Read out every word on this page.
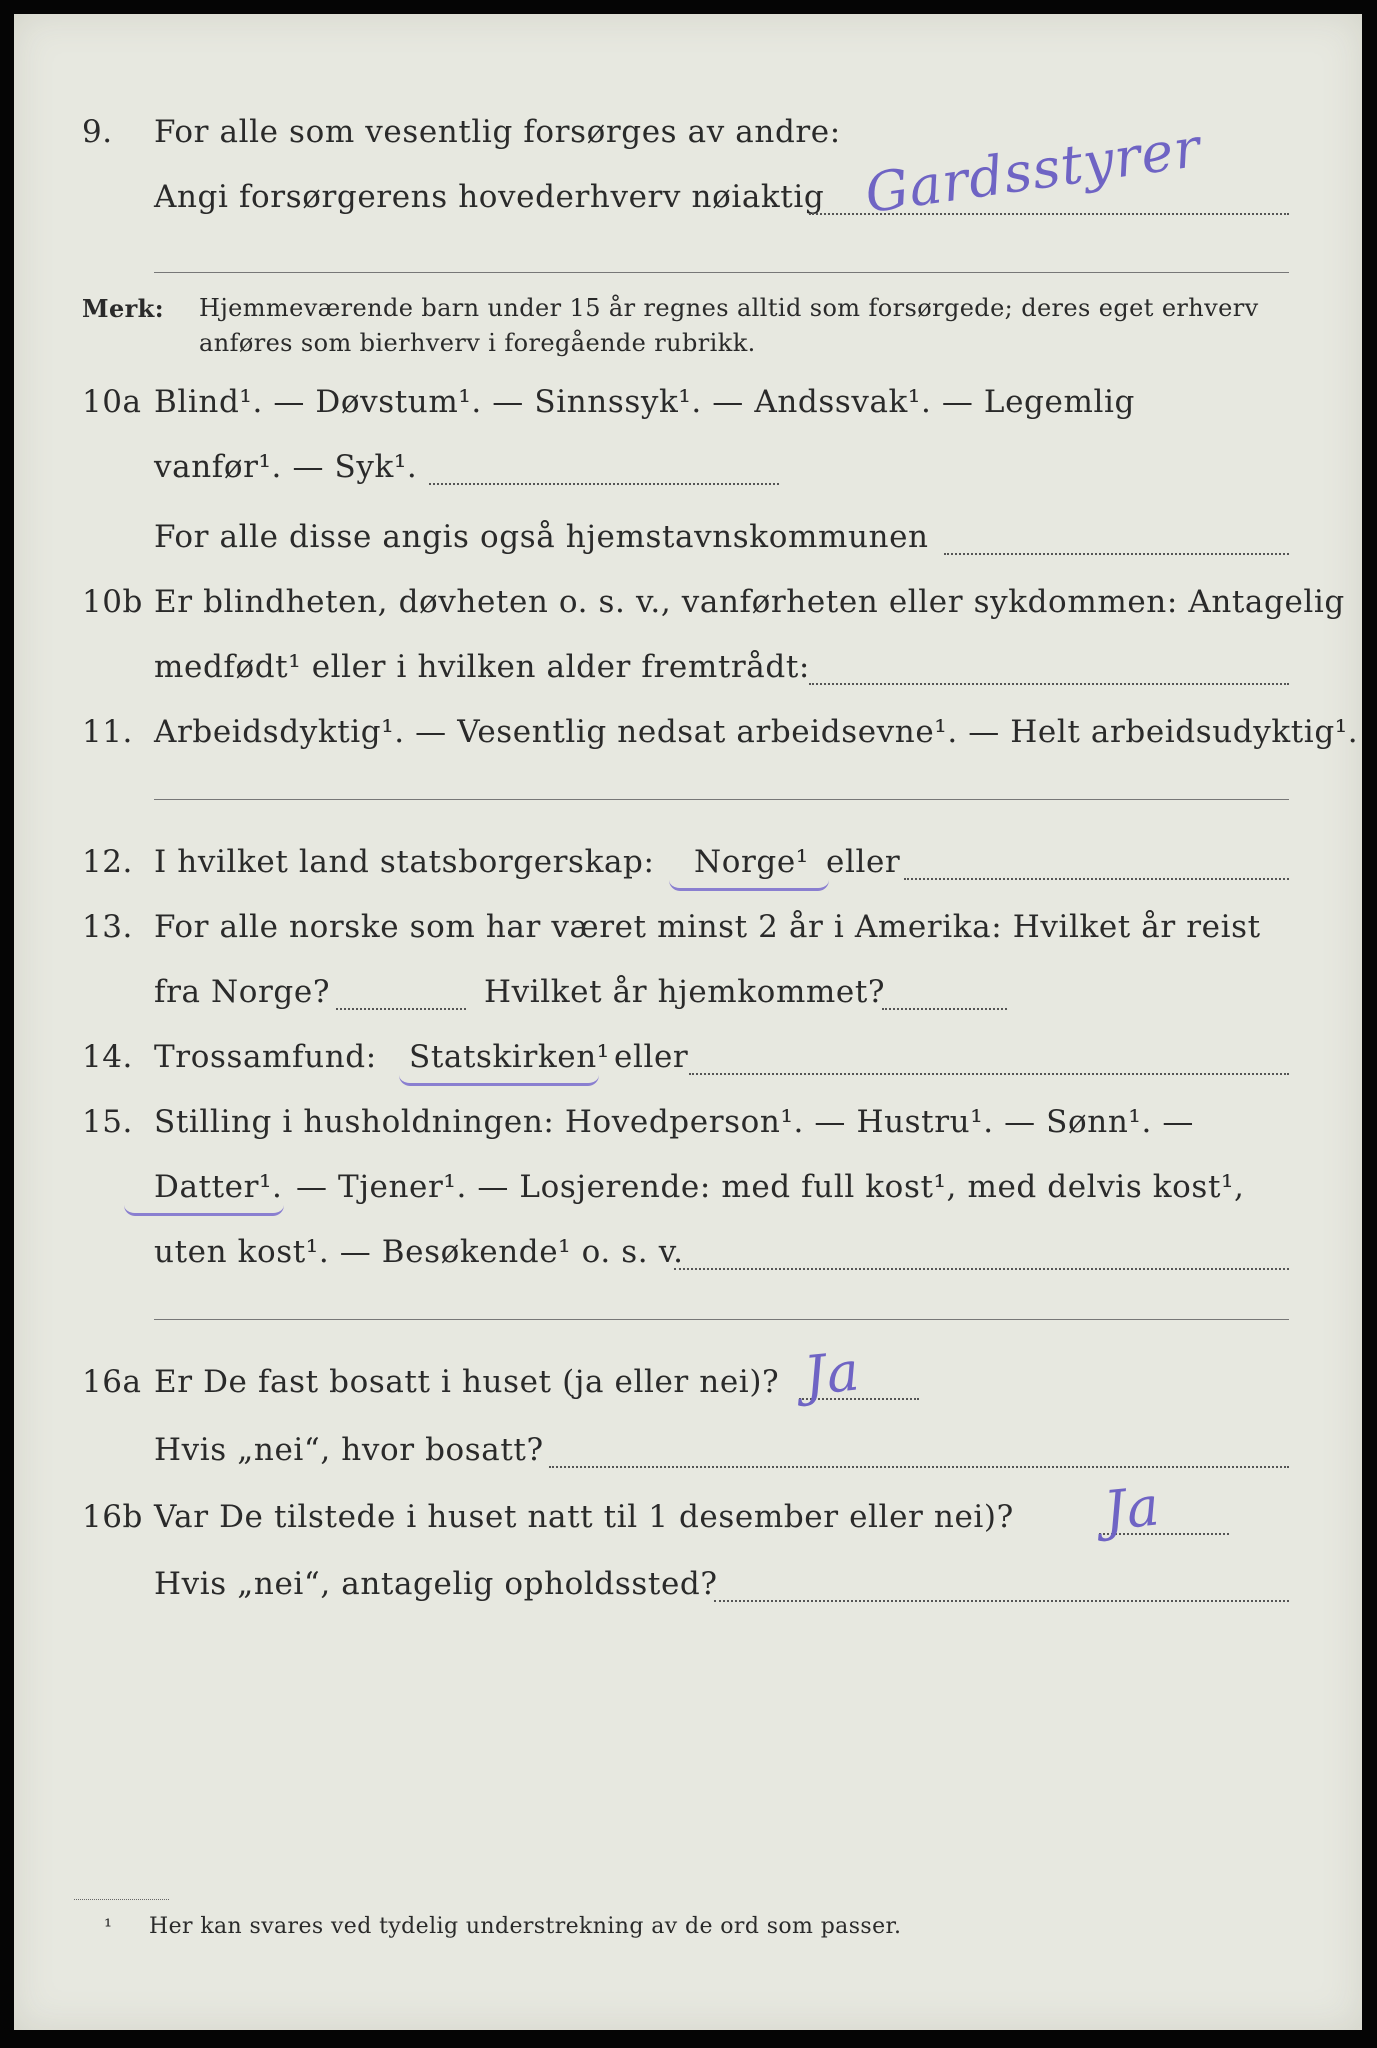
9. For alle som vesentlig forsørges av andre:
Angi forsørgerens hovederhverv nøiaktig Gardsstyrer
Merk: Hjemmeværende barn under 15 år regnes alltid som forsørgede; deres eget erhverv
anføres som bierhverv i foregående rubrikk.
10a Blind¹. — Døvstum¹. — Sinnssyk¹. — Andssvak¹. — Legemlig
vanfør¹. — Syk¹.
For alle disse angis også hjemstavnskommunen
10b Er blindheten, døvheten o. s. v., vanførheten eller sykdommen: Antagelig
medfødt¹ eller i hvilken alder fremtrådt:
11. Arbeidsdyktig¹. — Vesentlig nedsat arbeidsevne¹. — Helt arbeidsudyktig¹.
12. I hvilket land statsborgerskap: Norge¹ eller
13. For alle norske som har været minst 2 år i Amerika: Hvilket år reist
fra Norge?	Hvilket år hjemkommet?
14. Trossamfund: Statskirken¹ eller
15. Stilling i husholdningen: Hovedperson¹. — Hustru¹. — Sønn¹. —
Datter¹. — Tjener¹. — Losjerende: med full kost¹, med delvis kost¹,
uten kost¹. — Besøkende¹ o. s. v.
16a Er De fast bosatt i huset (ja eller nei)? Ja
Hvis „nei“, hvor bosatt?
16b Var De tilstede i huset natt til 1 desember eller nei)? Ja
Hvis „nei“, antagelig opholdssted?
¹ Her kan svares ved tydelig understrekning av de ord som passer.
